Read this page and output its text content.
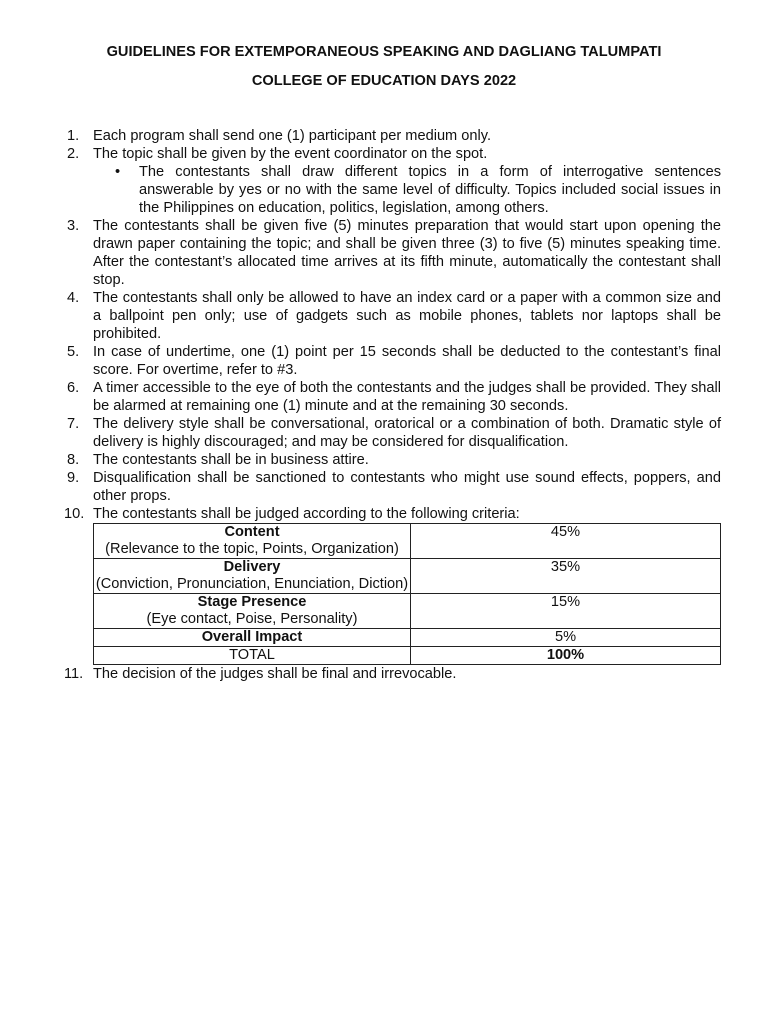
GUIDELINES FOR EXTEMPORANEOUS SPEAKING AND DAGLIANG TALUMPATI
COLLEGE OF EDUCATION DAYS 2022
1. Each program shall send one (1) participant per medium only.
2. The topic shall be given by the event coordinator on the spot.
• The contestants shall draw different topics in a form of interrogative sentences answerable by yes or no with the same level of difficulty. Topics included social issues in the Philippines on education, politics, legislation, among others.
3. The contestants shall be given five (5) minutes preparation that would start upon opening the drawn paper containing the topic; and shall be given three (3) to five (5) minutes speaking time. After the contestant’s allocated time arrives at its fifth minute, automatically the contestant shall stop.
4. The contestants shall only be allowed to have an index card or a paper with a common size and a ballpoint pen only; use of gadgets such as mobile phones, tablets nor laptops shall be prohibited.
5. In case of undertime, one (1) point per 15 seconds shall be deducted to the contestant’s final score. For overtime, refer to #3.
6. A timer accessible to the eye of both the contestants and the judges shall be provided. They shall be alarmed at remaining one (1) minute and at the remaining 30 seconds.
7. The delivery style shall be conversational, oratorical or a combination of both. Dramatic style of delivery is highly discouraged; and may be considered for disqualification.
8. The contestants shall be in business attire.
9. Disqualification shall be sanctioned to contestants who might use sound effects, poppers, and other props.
10. The contestants shall be judged according to the following criteria:
Content
(Relevance to the topic, Points, Organization)	45%

Delivery
(Conviction, Pronunciation, Enunciation, Diction)	35%

Stage Presence
(Eye contact, Poise, Personality)	15%

Overall Impact	5%
TOTAL	100%
11. The decision of the judges shall be final and irrevocable.
